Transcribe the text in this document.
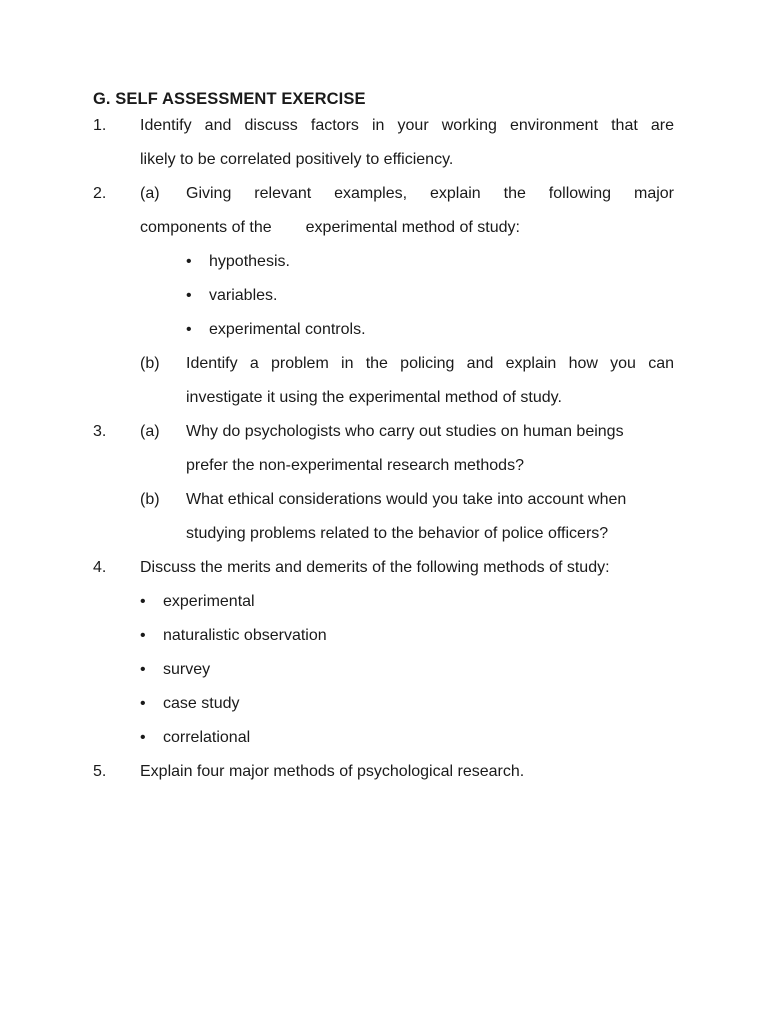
G. SELF ASSESSMENT EXERCISE
1. Identify and discuss factors in your working environment that are
likely to be correlated positively to efficiency.
2. (a) Giving relevant examples, explain the following major
components of the experimental method of study:
• hypothesis.
• variables.
• experimental controls.
(b) Identify a problem in the policing and explain how you can
investigate it using the experimental method of study.
3. (a) Why do psychologists who carry out studies on human beings
prefer the non-experimental research methods?
(b) What ethical considerations would you take into account when
studying problems related to the behavior of police officers?
4. Discuss the merits and demerits of the following methods of study:
• experimental
• naturalistic observation
• survey
• case study
• correlational
5. Explain four major methods of psychological research.
